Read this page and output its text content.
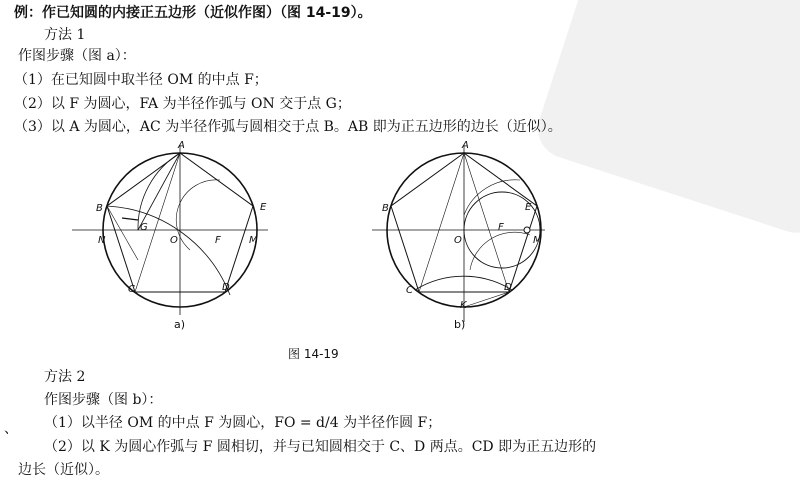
例：作已知圆的内接正五边形（近似作图）（图 14-19）。
方法 1
作图步骤（图 a）：
（1）在已知圆中取半径 OM 的中点 F；
（2）以 F 为圆心，FA 为半径作弧与 ON 交于点 G；
（3）以 A 为圆心，AC 为半径作弧与圆相交于点 B。AB 即为正五边形的边长（近似）。
A
B
G
N	O	F	M
E
C	D
a)
A
B
O
F
M
E
C	D
K
b)
图 14-19
方法 2
作图步骤（图 b）：
（1）以半径 OM 的中点 F 为圆心，FO = d/4 为半径作圆 F；
（2）以 K 为圆心作弧与 F 圆相切，并与已知圆相交于 C、D 两点。CD 即为正五边形的
边长（近似）。
、
